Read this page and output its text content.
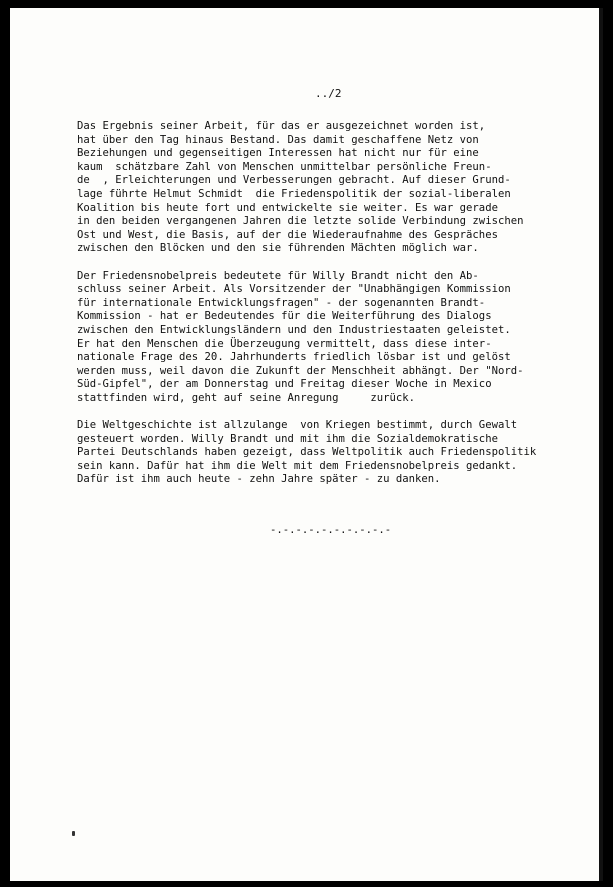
../2
Das Ergebnis seiner Arbeit, für das er ausgezeichnet worden ist,
hat über den Tag hinaus Bestand. Das damit geschaffene Netz von
Beziehungen und gegenseitigen Interessen hat nicht nur für eine
kaum  schätzbare Zahl von Menschen unmittelbar persönliche Freun-
de  , Erleichterungen und Verbesserungen gebracht. Auf dieser Grund-
lage führte Helmut Schmidt  die Friedenspolitik der sozial-liberalen
Koalition bis heute fort und entwickelte sie weiter. Es war gerade
in den beiden vergangenen Jahren die letzte solide Verbindung zwischen
Ost und West, die Basis, auf der die Wiederaufnahme des Gespräches
zwischen den Blöcken und den sie führenden Mächten möglich war.
Der Friedensnobelpreis bedeutete für Willy Brandt nicht den Ab-
schluss seiner Arbeit. Als Vorsitzender der "Unabhängigen Kommission
für internationale Entwicklungsfragen" - der sogenannten Brandt-
Kommission - hat er Bedeutendes für die Weiterführung des Dialogs
zwischen den Entwicklungsländern und den Industriestaaten geleistet.
Er hat den Menschen die Überzeugung vermittelt, dass diese inter-
nationale Frage des 20. Jahrhunderts friedlich lösbar ist und gelöst
werden muss, weil davon die Zukunft der Menschheit abhängt. Der "Nord-
Süd-Gipfel", der am Donnerstag und Freitag dieser Woche in Mexico
stattfinden wird, geht auf seine Anregung     zurück.
Die Weltgeschichte ist allzulange  von Kriegen bestimmt, durch Gewalt
gesteuert worden. Willy Brandt und mit ihm die Sozialdemokratische
Partei Deutschlands haben gezeigt, dass Weltpolitik auch Friedenspolitik
sein kann. Dafür hat ihm die Welt mit dem Friedensnobelpreis gedankt.
Dafür ist ihm auch heute - zehn Jahre später - zu danken.
-.-.-.-.-.-.-.-.-.-
